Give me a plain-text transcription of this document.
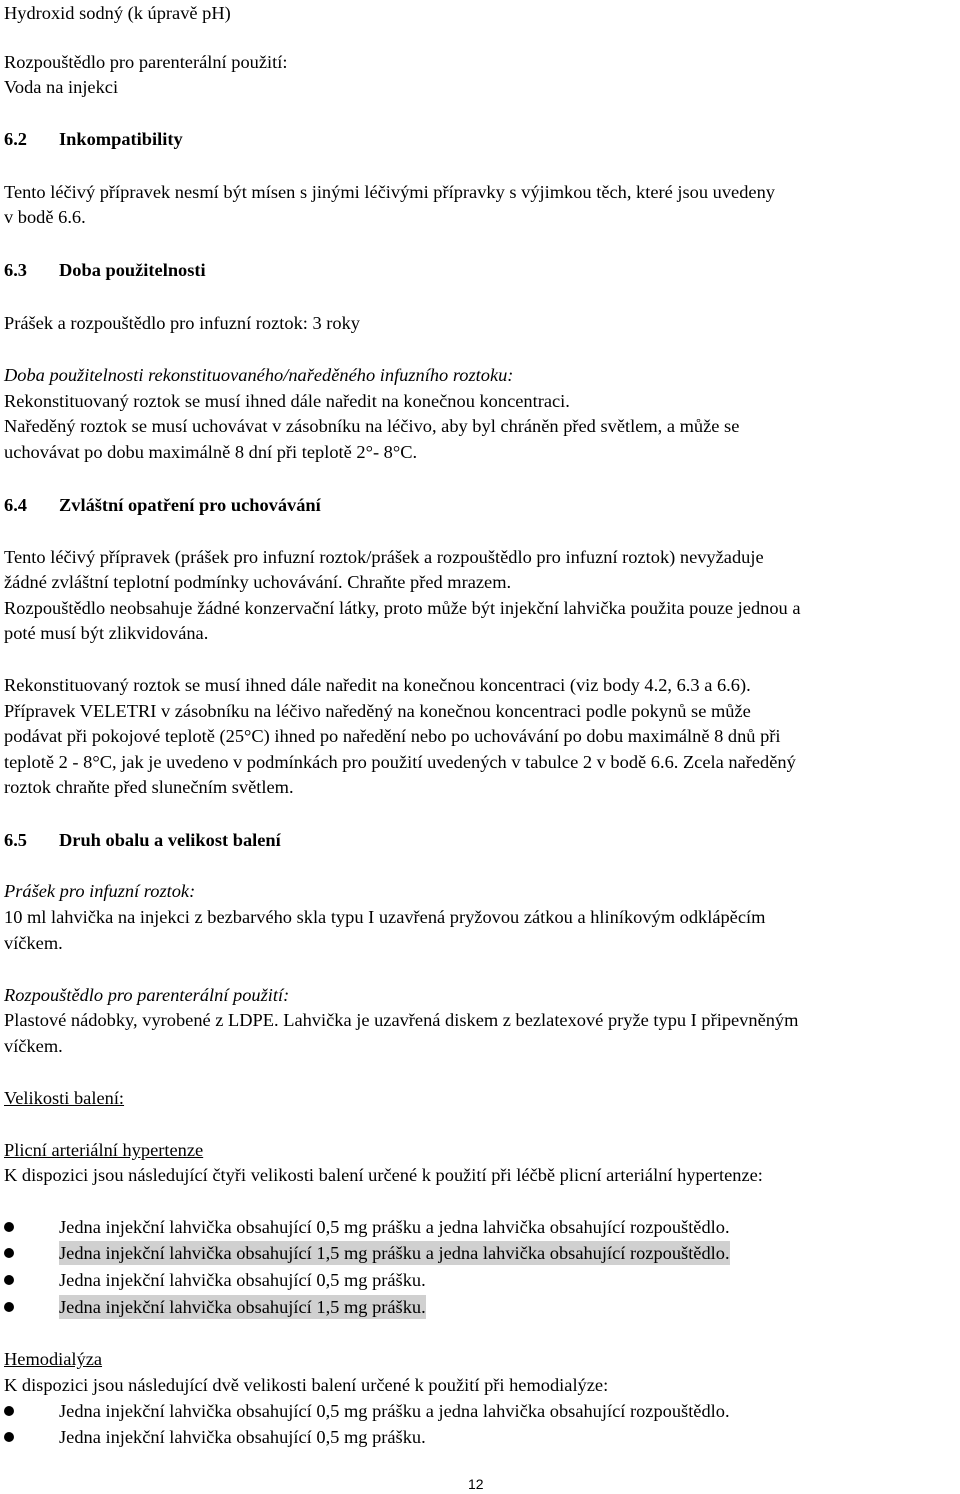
Hydroxid sodný (k úpravě pH)
Rozpouštědlo pro parenterální použití:
Voda na injekci
6.2 Inkompatibility
Tento léčivý přípravek nesmí být mísen s jinými léčivými přípravky s výjimkou těch, které jsou uvedeny
v bodě 6.6.
6.3 Doba použitelnosti
Prášek a rozpouštědlo pro infuzní roztok: 3 roky
Doba použitelnosti rekonstituovaného/naředěného infuzního roztoku:
Rekonstituovaný roztok se musí ihned dále naředit na konečnou koncentraci.
Naředěný roztok se musí uchovávat v zásobníku na léčivo, aby byl chráněn před světlem, a může se
uchovávat po dobu maximálně 8 dní při teplotě 2°- 8°C.
6.4 Zvláštní opatření pro uchovávání
Tento léčivý přípravek (prášek pro infuzní roztok/prášek a rozpouštědlo pro infuzní roztok) nevyžaduje
žádné zvláštní teplotní podmínky uchovávání. Chraňte před mrazem.
Rozpouštědlo neobsahuje žádné konzervační látky, proto může být injekční lahvička použita pouze jednou a
poté musí být zlikvidována.
Rekonstituovaný roztok se musí ihned dále naředit na konečnou koncentraci (viz body 4.2, 6.3 a 6.6).
Přípravek VELETRI v zásobníku na léčivo naředěný na konečnou koncentraci podle pokynů se může
podávat při pokojové teplotě (25°C) ihned po naředění nebo po uchovávání po dobu maximálně 8 dnů při
teplotě 2 - 8°C, jak je uvedeno v podmínkách pro použití uvedených v tabulce 2 v bodě 6.6. Zcela naředěný
roztok chraňte před slunečním světlem.
6.5 Druh obalu a velikost balení
Prášek pro infuzní roztok:
10 ml lahvička na injekci z bezbarvého skla typu I uzavřená pryžovou zátkou a hliníkovým odklápěcím
víčkem.
Rozpouštědlo pro parenterální použití:
Plastové nádobky, vyrobené z LDPE. Lahvička je uzavřená diskem z bezlatexové pryže typu I připevněným
víčkem.
Velikosti balení:
Plicní arteriální hypertenze
K dispozici jsou následující čtyři velikosti balení určené k použití při léčbě plicní arteriální hypertenze:
Jedna injekční lahvička obsahující 0,5 mg prášku a jedna lahvička obsahující rozpouštědlo.
Jedna injekční lahvička obsahující 1,5 mg prášku a jedna lahvička obsahující rozpouštědlo.
Jedna injekční lahvička obsahující 0,5 mg prášku.
Jedna injekční lahvička obsahující 1,5 mg prášku.
Hemodialýza
K dispozici jsou následující dvě velikosti balení určené k použití při hemodialýze:
Jedna injekční lahvička obsahující 0,5 mg prášku a jedna lahvička obsahující rozpouštědlo.
Jedna injekční lahvička obsahující 0,5 mg prášku.
12
